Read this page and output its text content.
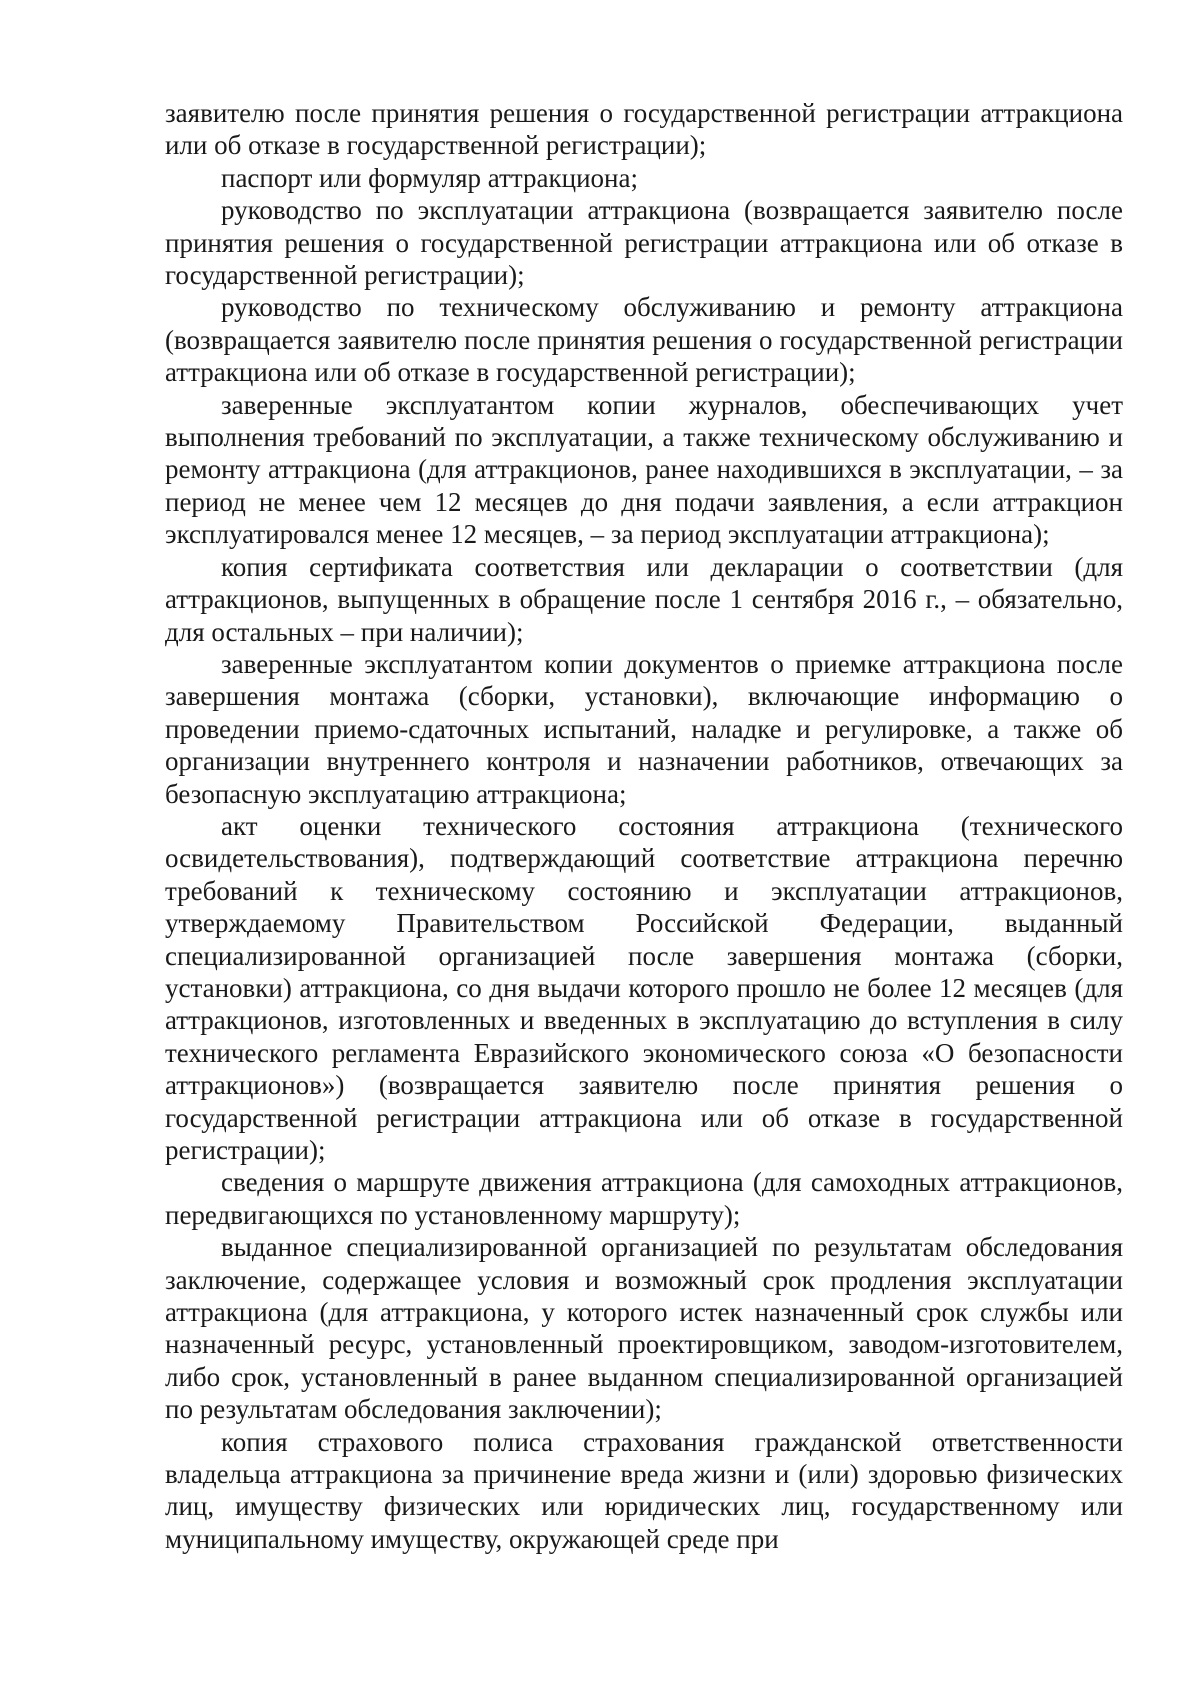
заявителю после принятия решения о государственной регистрации аттракциона или об отказе в государственной регистрации);

паспорт или формуляр аттракциона;

руководство по эксплуатации аттракциона (возвращается заявителю после принятия решения о государственной регистрации аттракциона или об отказе в государственной регистрации);

руководство по техническому обслуживанию и ремонту аттракциона (возвращается заявителю после принятия решения о государственной регистрации аттракциона или об отказе в государственной регистрации);

заверенные эксплуатантом копии журналов, обеспечивающих учет выполнения требований по эксплуатации, а также техническому обслуживанию и ремонту аттракциона (для аттракционов, ранее находившихся в эксплуатации, – за период не менее чем 12 месяцев до дня подачи заявления, а если аттракцион эксплуатировался менее 12 месяцев, – за период эксплуатации аттракциона);

копия сертификата соответствия или декларации о соответствии (для аттракционов, выпущенных в обращение после 1 сентября 2016 г., – обязательно, для остальных – при наличии);

заверенные эксплуатантом копии документов о приемке аттракциона после завершения монтажа (сборки, установки), включающие информацию о проведении приемо-сдаточных испытаний, наладке и регулировке, а также об организации внутреннего контроля и назначении работников, отвечающих за безопасную эксплуатацию аттракциона;

акт оценки технического состояния аттракциона (технического освидетельствования), подтверждающий соответствие аттракциона перечню требований к техническому состоянию и эксплуатации аттракционов, утверждаемому Правительством Российской Федерации, выданный специализированной организацией после завершения монтажа (сборки, установки) аттракциона, со дня выдачи которого прошло не более 12 месяцев (для аттракционов, изготовленных и введенных в эксплуатацию до вступления в силу технического регламента Евразийского экономического союза «О безопасности аттракционов») (возвращается заявителю после принятия решения о государственной регистрации аттракциона или об отказе в государственной регистрации);

сведения о маршруте движения аттракциона (для самоходных аттракционов, передвигающихся по установленному маршруту);

выданное специализированной организацией по результатам обследования заключение, содержащее условия и возможный срок продления эксплуатации аттракциона (для аттракциона, у которого истек назначенный срок службы или назначенный ресурс, установленный проектировщиком, заводом-изготовителем, либо срок, установленный в ранее выданном специализированной организацией по результатам обследования заключении);

копия страхового полиса страхования гражданской ответственности владельца аттракциона за причинение вреда жизни и (или) здоровью физических лиц, имуществу физических или юридических лиц, государственному или муниципальному имуществу, окружающей среде при
